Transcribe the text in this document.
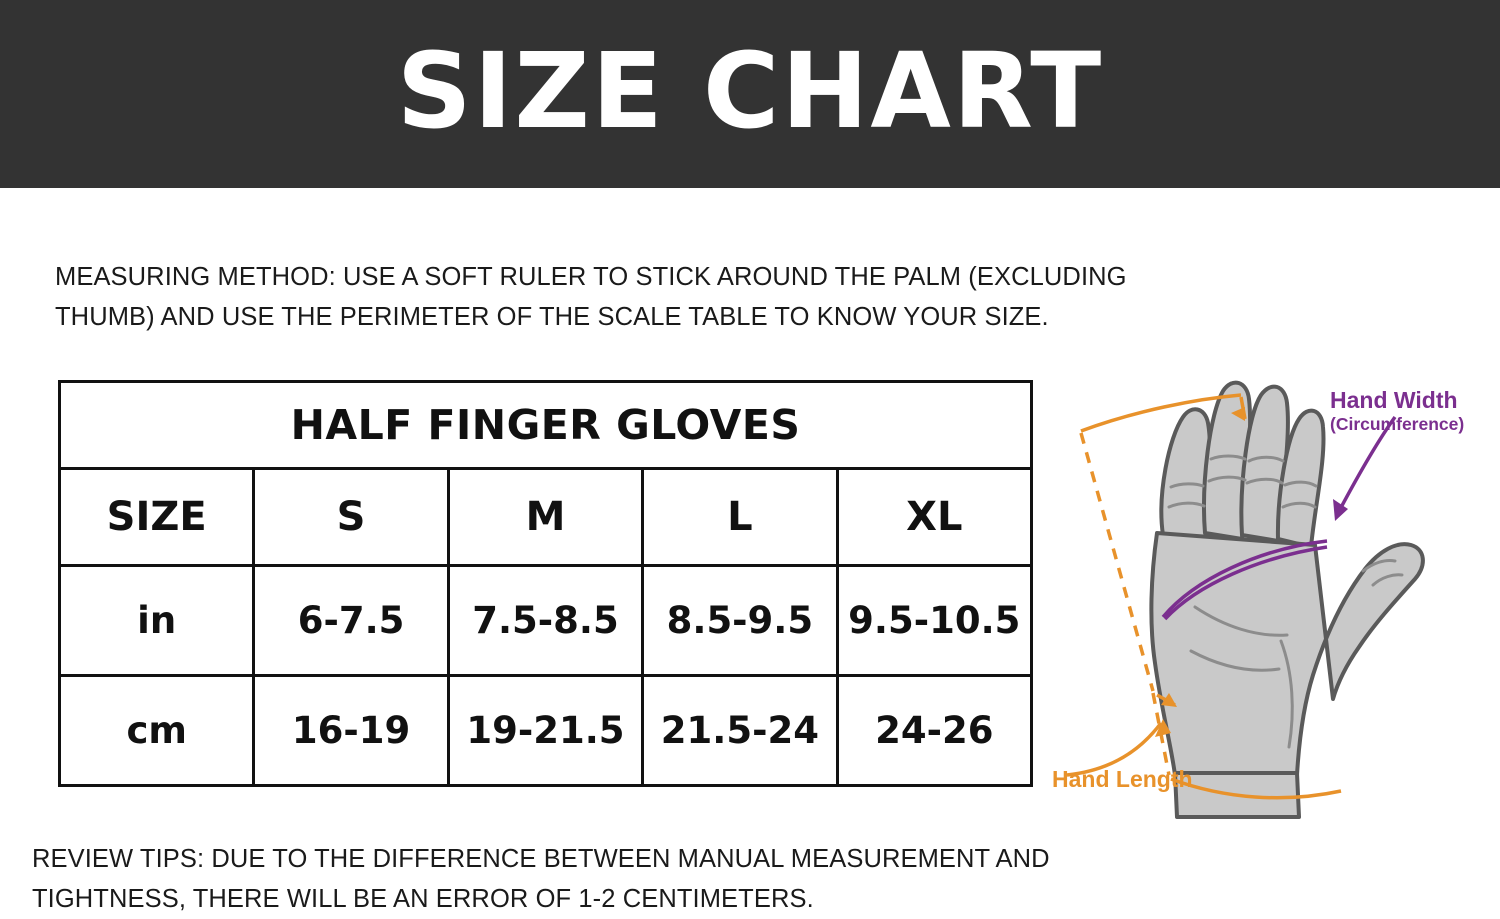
SIZE CHART
MEASURING METHOD: USE A SOFT RULER TO STICK AROUND THE PALM (EXCLUDING THUMB) AND USE THE PERIMETER OF THE SCALE TABLE TO KNOW YOUR SIZE.
HALF FINGER GLOVES				
SIZE	S	M	L	XL
in	6-7.5	7.5-8.5	8.5-9.5	9.5-10.5
cm	16-19	19-21.5	21.5-24	24-26
Hand Width
(Circumference)
Hand Length
REVIEW TIPS: DUE TO THE DIFFERENCE BETWEEN MANUAL MEASUREMENT AND TIGHTNESS, THERE WILL BE AN ERROR OF 1-2 CENTIMETERS.
